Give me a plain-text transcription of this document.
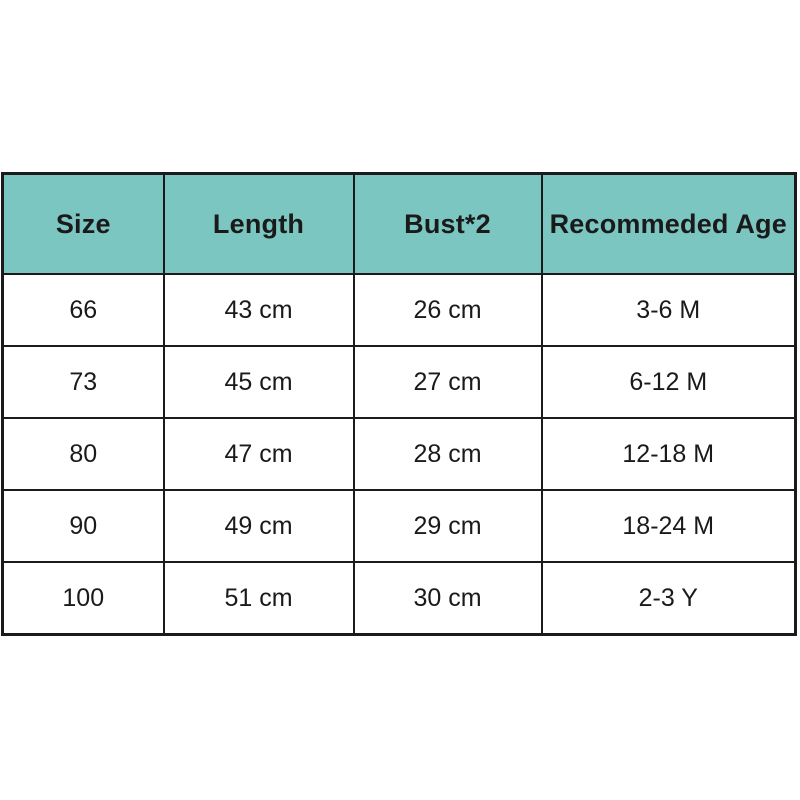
Size	Length	Bust*2	Recommeded Age
66	43 cm	26 cm	3-6 M
73	45 cm	27 cm	6-12 M
80	47 cm	28 cm	12-18 M
90	49 cm	29 cm	18-24 M
100	51 cm	30 cm	2-3 Y
